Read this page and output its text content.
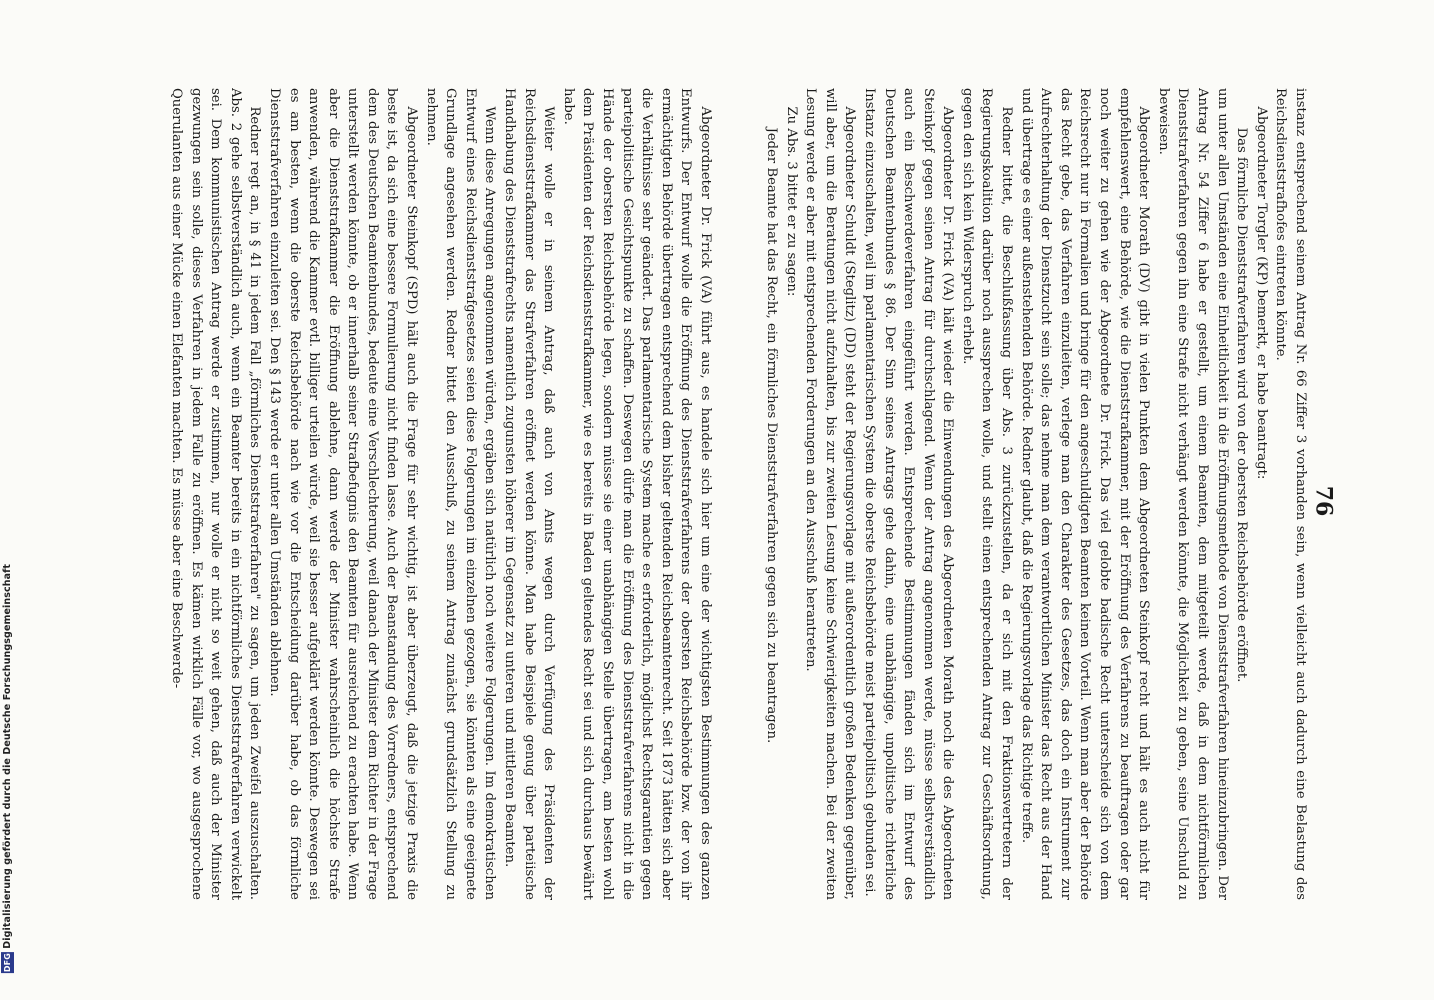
DFG Digitalisierung gefördert durch die Deutsche Forschungsgemeinschaft
76

Abgeordneter Dr. Frick (VA) führt aus, es handele sich hier um eine der wichtigsten Bestimmungen des ganzen Entwurfs. Der Entwurf wolle die Eröffnung des Dienststrafverfahrens der obersten Reichsbehörde bzw. der von ihr ermächtigten Behörde übertragen entsprechend dem bisher geltenden Reichsbeamtenrecht. Seit 1873 hätten sich aber die Verhältnisse sehr geändert. Das parlamentarische System mache es erforderlich, möglichst Rechtsgarantien gegen parteipolitische Gesichtspunkte zu schaffen. Deswegen dürfe man die Eröffnung des Dienststrafverfahrens nicht in die Hände der obersten Reichsbehörde legen, sondern müsse sie einer unabhängigen Stelle übertragen, am besten wohl dem Präsidenten der Reichsdienststrafkammer, wie es bereits in Baden geltendes Recht sei und sich durchaus bewährt habe.

Weiter wolle er in seinem Antrag, daß auch von Amts wegen durch Verfügung des Präsidenten der Reichsdienststrafkammer das Strafverfahren eröffnet werden könne. Man habe Beispiele genug über parteiische Handhabung des Dienststrafrechts namentlich zugunsten höherer im Gegensatz zu unteren und mittleren Beamten.

Wenn diese Anregungen angenommen würden, ergäben sich natürlich noch weitere Folgerungen. Im demokratischen Entwurf eines Reichsdienststrafgesetzes seien diese Folgerungen im einzelnen gezogen, sie könnten als eine geeignete Grundlage angesehen werden. Redner bittet den Ausschuß, zu seinem Antrag zunächst grundsätzlich Stellung zu nehmen.

Abgeordneter Steinkopf (SPD) hält auch die Frage für sehr wichtig, ist aber überzeugt, daß die jetzige Praxis die beste ist, da sich eine bessere Formulierung nicht finden lasse. Auch der Beanstandung des Vorredners, entsprechend dem des Deutschen Beamtenbundes, bedeute eine Verschlechterung, weil danach der Minister dem Richter in der Frage unterstellt werden könnte, ob er innerhalb seiner Strafbefugnis den Beamten für ausreichend zu erachten habe. Wenn aber die Dienststrafkammer die Eröffnung ablehne, dann werde der Minister wahrscheinlich die höchste Strafe anwenden, während die Kammer evtl. billiger urteilen würde, weil sie besser aufgeklärt werden könnte. Deswegen sei es am besten, wenn die oberste Reichsbehörde nach wie vor die Entscheidung darüber habe, ob das förmliche Dienststrafverfahren einzuleiten sei. Den § 143 werde er unter allen Umständen ablehnen.

Redner regt an, in § 41 in jedem Fall „förmliches Dienststrafverfahren" zu sagen, um jeden Zweifel auszuschalten. Abs. 2 gehe selbstverständlich auch, wenn ein Beamter bereits in ein nichtförmliches Dienststrafverfahren verwickelt sei. Dem kommunistischen Antrag werde er zustimmen, nur wolle er nicht so weit gehen, daß auch der Minister gezwungen sein solle, dieses Verfahren in jedem Falle zu eröffnen. Es kämen wirklich Fälle vor, wo ausgesprochene Querulanten aus einer Mücke einen Elefanten machten. Es müsse aber eine Beschwerde-	instanz entsprechend seinem Antrag Nr. 66 Ziffer 3 vorhanden sein, wenn vielleicht auch dadurch eine Belastung des Reichsdienststrafhofes eintreten könnte.

Abgeordneter Torgler (KP) bemerkt, er habe beantragt:

Das förmliche Dienststrafverfahren wird von der obersten Reichsbehörde eröffnet.

um unter allen Umständen eine Einheitlichkeit in die Eröffnungsmethode von Dienststrafverfahren hineinzubringen. Der Antrag Nr. 54 Ziffer 6 habe er gestellt, um einem Beamten, dem mitgeteilt werde, daß in dem nichtförmlichen Dienststrafverfahren gegen ihn eine Strafe nicht verhängt werden könnte, die Möglichkeit zu geben, seine Unschuld zu beweisen.

Abgeordneter Morath (DV) gibt in vielen Punkten dem Abgeordneten Steinkopf recht und hält es auch nicht für empfehlenswert, eine Behörde, wie die Dienststrafkammer, mit der Eröffnung des Verfahrens zu beauftragen oder gar noch weiter zu gehen wie der Abgeordnete Dr. Frick. Das viel gelobte badische Recht unterscheide sich von dem Reichsrecht nur in Formalien und bringe für den angeschuldigten Beamten keinen Vorteil. Wenn man aber der Behörde das Recht gebe, das Verfahren einzuleiten, verlege man den Charakter des Gesetzes, das doch ein Instrument zur Aufrechterhaltung der Dienstzucht sein solle; das nehme man dem verantwortlichen Minister das Recht aus der Hand und übertrage es einer außenstehenden Behörde. Redner glaubt, daß die Regierungsvorlage das Richtige treffe.

Redner bittet, die Beschlußfassung über Abs. 3 zurückzustellen, da er sich mit den Fraktionsvertretern der Regierungskoalition darüber noch aussprechen wolle, und stellt einen entsprechenden Antrag zur Geschäftsordnung, gegen den sich kein Widerspruch erhebt.

Abgeordneter Dr. Frick (VA) hält wieder die Einwendungen des Abgeordneten Morath noch die des Abgeordneten Steinkopf gegen seinen Antrag für durchschlagend. Wenn der Antrag angenommen werde, müsse selbstverständlich auch ein Beschwerdeverfahren eingeführt werden. Entsprechende Bestimmungen fänden sich im Entwurf des Deutschen Beamtenbundes § 86. Der Sinn seines Antrags gehe dahin, eine unabhängige, unpolitische richterliche Instanz einzuschalten, weil im parlamentarischen System die oberste Reichsbehörde meist parteipolitisch gebunden sei.

Abgeordneter Schuldt (Steglitz) (DD) steht der Regierungsvorlage mit außerordentlich großen Bedenken gegenüber, will aber, um die Beratungen nicht aufzuhalten, bis zur zweiten Lesung keine Schwierigkeiten machen. Bei der zweiten Lesung werde er aber mit entsprechenden Forderungen an den Ausschuß herantreten.

Zu Abs. 3 bittet er zu sagen:

Jeder Beamte hat das Recht, ein förmliches Dienststrafverfahren gegen sich zu beantragen.
